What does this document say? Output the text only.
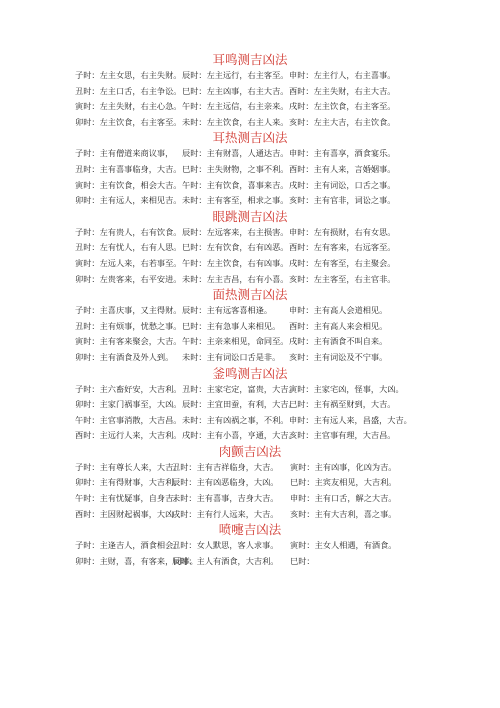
耳鸣测吉凶法
子时：左主女思，右主失财。 辰时：左主远行，右主客至。 申时：左主行人，右主喜事。
丑时：左主口舌，右主争讼。 巳时：左主凶事，右主大吉。 酉时：左主失财，右主大吉。
寅时：左主失财，右主心急。 午时：左主远信，右主亲来。 戌时：左主饮食，右主客至。
卯时：左主饮食，右主客至。 未时：左主饮食，右主人来。 亥时：左主大吉，右主饮食。
耳热测吉凶法
子时：主有僧道来商议事， 辰时：主有财喜，人通达吉。 申时：主有喜享，酒食宴乐。
丑时：主有喜事临身，大吉。 巳时：主失财物，之事不利。 酉时：主有人来，言婚姻事。
寅时：主有饮食，相会大吉。 午时：主有饮食，喜事来吉。 戌时：主有词讼，口舌之事。
卯时：主有远人，来相见吉。 未时：主有客至，相求之事。 亥时：主有官非，词讼之事。
眼跳测吉凶法
子时：左有贵人，右有饮食。 辰时：左远客来，右主损害。 申时：左有损财，右有女思。
丑时：左有忧人，右有人思。 巳时：左有饮食，右有凶恶。 酉时：左有客来，右远客至。
寅时：左远人来，右若事至。 午时：左主饮食，右有凶事。 戌时：左有客至，右主聚会。
卯时：左贵客来，右平安进。 未时：左主吉昌，右有小喜。 亥时：左主客至，右主官非。
面热测吉凶法
子时：主喜庆事，又主得财。 辰时：主有远客喜相逢。 申时：主有高人会道相见。
丑时：主有烦事，忧愁之事。 巳时：主有急事人来相见。 酉时：主有高人来会相见。
寅时：主有客来聚会，大吉。 午时：主亲来相见，命同至。 戌时：主有酒食不叫自来。
卯时：主有酒食及外人到。 未时：主有词讼口舌是非。 亥时：主有词讼及不宁事。
釜鸣测吉凶法
子时：主六畜好安，大吉利。 丑时：主家宅定，富贵，大吉。
寅时：主家宅凶，怪事，大凶。
卯时：主家门祸事至，大凶。 辰时：主宜田蚕，有利，大吉。
巳时：主有祸至财到，大吉。
午时：主官事消散，大吉昌。 未时：主有凶祸之事，不利。 申时：主有远人来，昌盛，大吉。
酉时：主远行人来，大吉利。 戌时：主有小喜，亨通，大吉。
亥时：主官事有理，大吉昌。
肉颤吉凶法
子时：主有尊长人来，大吉。
丑时：主有吉祥临身，大吉。 寅时：主有凶事，化凶为吉。
卯时：主有得财事，大吉利。
辰时：主有凶恶临身，大凶。 巳时：主宾友相见，大吉利。
午时：主有忧疑事，自身吉。
未时：主有喜事，吉身大吉。 申时：主有口舌，解之大吉。
酉时：主因财起祸事，大凶。
戌时：主有行人远来，大吉。 亥时：主有大吉利，喜之事。
喷嚏吉凶法
子时：主逢吉人，酒食相会。
丑时：女人默思，客人求事。 寅时：主女人相遇，有酒食。
卯时：主财，喜，有客来，同事。
辰时：主人有酒食，大吉利。 巳时：
